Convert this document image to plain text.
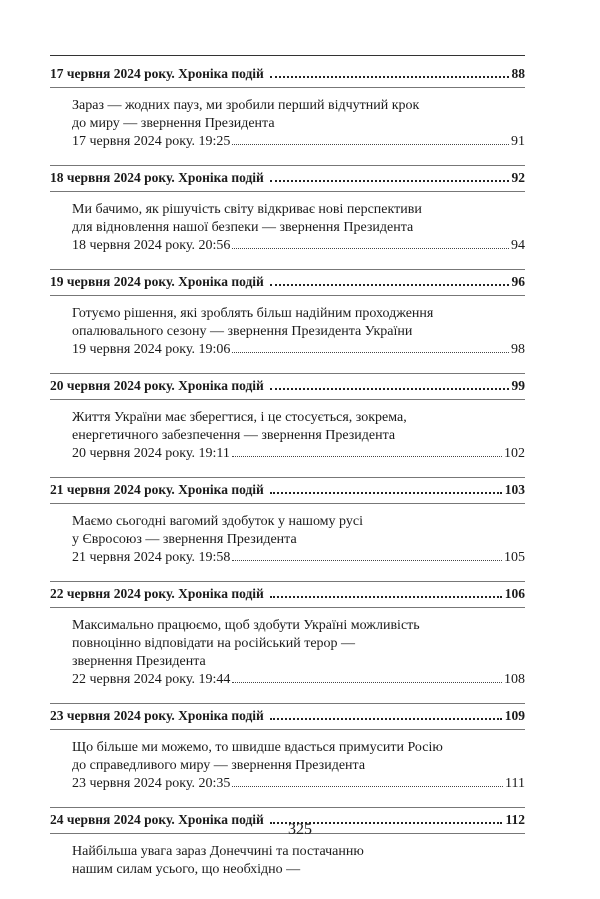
17 червня 2024 року. Хроніка подій	88
Зараз — жодних пауз, ми зробили перший відчутний крок
до миру — звернення Президента
17 червня 2024 року. 19:25	91
18 червня 2024 року. Хроніка подій	92
Ми бачимо, як рішучість світу відкриває нові перспективи
для відновлення нашої безпеки — звернення Президента
18 червня 2024 року. 20:56	94
19 червня 2024 року. Хроніка подій	96
Готуємо рішення, які зроблять більш надійним проходження
опалювального сезону — звернення Президента України
19 червня 2024 року. 19:06	98
20 червня 2024 року. Хроніка подій	99
Життя України має зберегтися, і це стосується, зокрема,
енергетичного забезпечення — звернення Президента
20 червня 2024 року. 19:11	102
21 червня 2024 року. Хроніка подій	103
Маємо сьогодні вагомий здобуток у нашому русі
у Євросоюз — звернення Президента
21 червня 2024 року. 19:58	105
22 червня 2024 року. Хроніка подій	106
Максимально працюємо, щоб здобути Україні можливість
повноцінно відповідати на російський терор —
звернення Президента
22 червня 2024 року. 19:44	108
23 червня 2024 року. Хроніка подій	109
Що більше ми можемо, то швидше вдасться примусити Росію
до справедливого миру — звернення Президента
23 червня 2024 року. 20:35	111
24 червня 2024 року. Хроніка подій	112
Найбільша увага зараз Донеччині та постачанню
нашим силам усього, що необхідно —
325
